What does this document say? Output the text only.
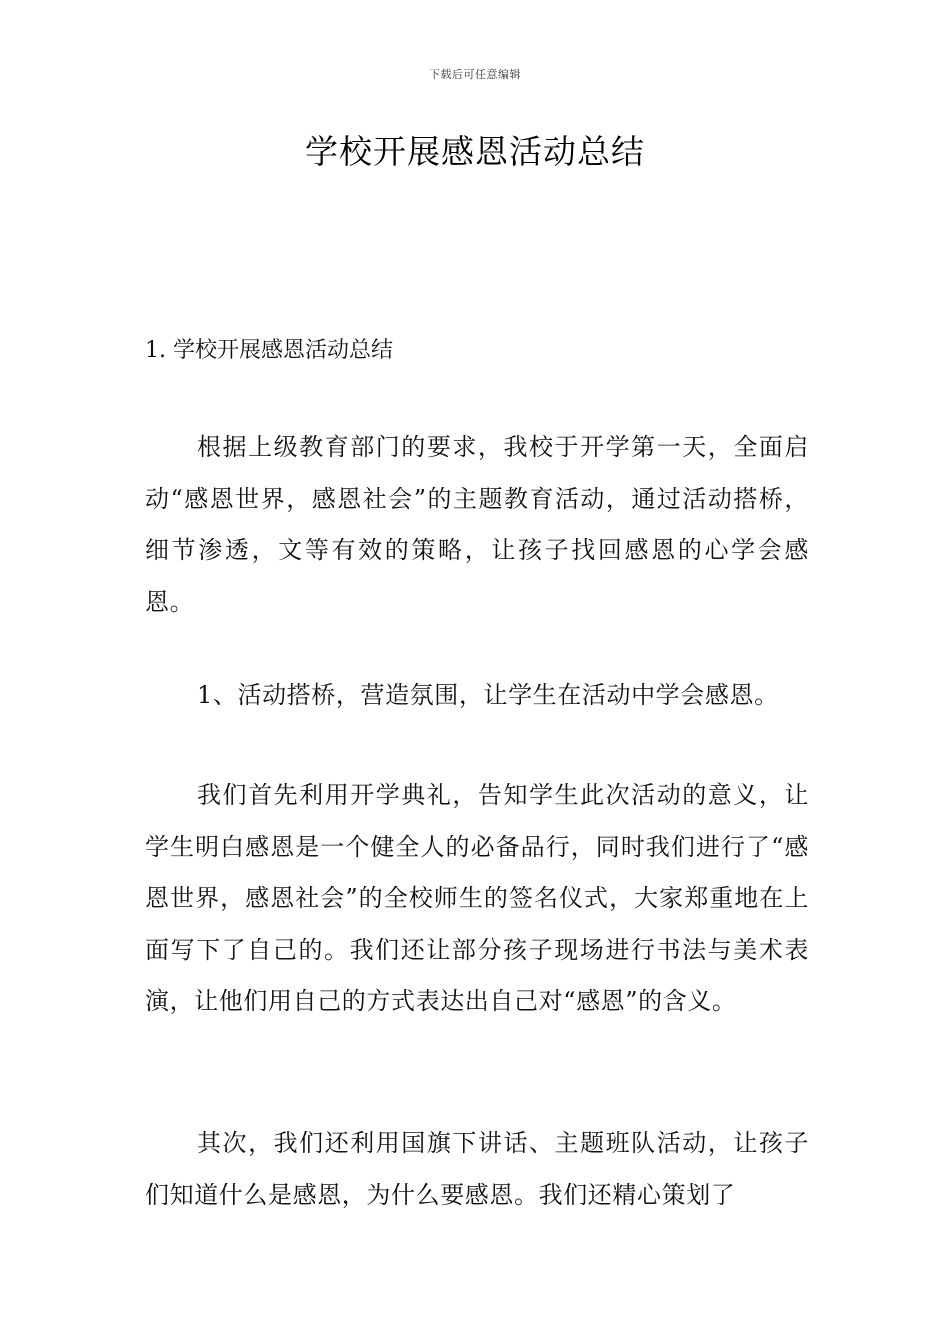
下载后可任意编辑
学校开展感恩活动总结

1. 学校开展感恩活动总结

根据上级教育部门的要求，我校于开学第一天，全面启动“感恩世界，感恩社会”的主题教育活动，通过活动搭桥，细节渗透，文等有效的策略，让孩子找回感恩的心学会感恩。

1、活动搭桥，营造氛围，让学生在活动中学会感恩。

我们首先利用开学典礼，告知学生此次活动的意义，让学生明白感恩是一个健全人的必备品行，同时我们进行了“感恩世界，感恩社会”的全校师生的签名仪式，大家郑重地在上面写下了自己的。我们还让部分孩子现场进行书法与美术表演，让他们用自己的方式表达出自己对“感恩”的含义。

其次，我们还利用国旗下讲话、主题班队活动，让孩子们知道什么是感恩，为什么要感恩。我们还精心策划了
